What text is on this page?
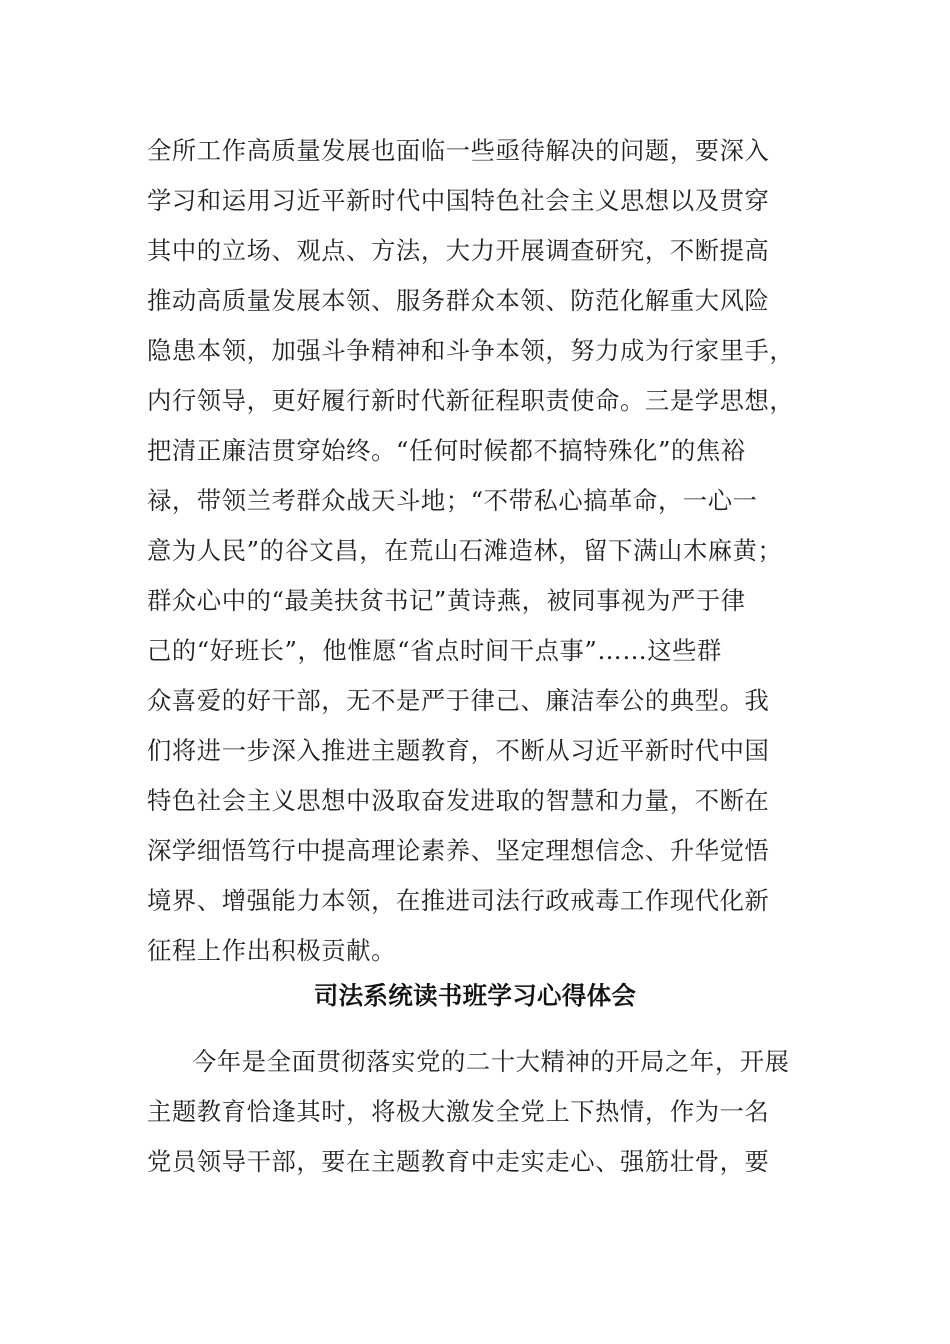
全所工作高质量发展也面临一些亟待解决的问题，要深入
学习和运用习近平新时代中国特色社会主义思想以及贯穿
其中的立场、观点、方法，大力开展调查研究，不断提高
推动高质量发展本领、服务群众本领、防范化解重大风险
隐患本领，加强斗争精神和斗争本领，努力成为行家里手，
内行领导，更好履行新时代新征程职责使命。三是学思想，
把清正廉洁贯穿始终。“任何时候都不搞特殊化”的焦裕
禄，带领兰考群众战天斗地；“不带私心搞革命，一心一
意为人民”的谷文昌，在荒山石滩造林，留下满山木麻黄；
群众心中的“最美扶贫书记”黄诗燕，被同事视为严于律
己的“好班长”，他惟愿“省点时间干点事”……这些群
众喜爱的好干部，无不是严于律己、廉洁奉公的典型。我
们将进一步深入推进主题教育，不断从习近平新时代中国
特色社会主义思想中汲取奋发进取的智慧和力量，不断在
深学细悟笃行中提高理论素养、坚定理想信念、升华觉悟
境界、增强能力本领，在推进司法行政戒毒工作现代化新
征程上作出积极贡献。
司法系统读书班学习心得体会
今年是全面贯彻落实党的二十大精神的开局之年，开展
主题教育恰逢其时，将极大激发全党上下热情，作为一名
党员领导干部，要在主题教育中走实走心、强筋壮骨，要
